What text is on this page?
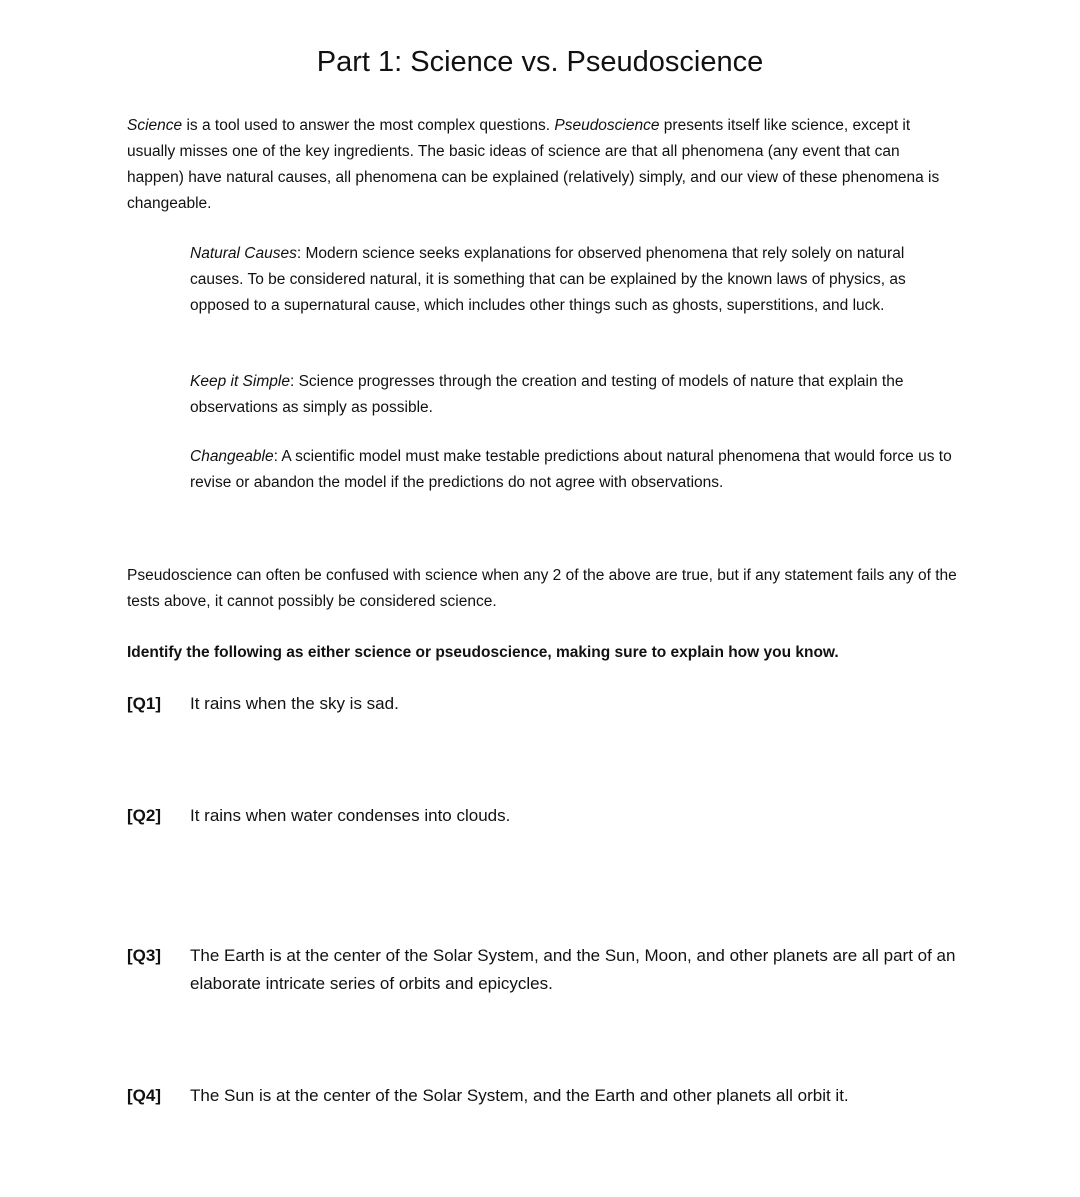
Part 1: Science vs. Pseudoscience

Science is a tool used to answer the most complex questions. Pseudoscience presents itself like science, except it usually misses one of the key ingredients. The basic ideas of science are that all phenomena (any event that can happen) have natural causes, all phenomena can be explained (relatively) simply, and our view of these phenomena is changeable.

Natural Causes: Modern science seeks explanations for observed phenomena that rely solely on natural causes. To be considered natural, it is something that can be explained by the known laws of physics, as opposed to a supernatural cause, which includes other things such as ghosts, superstitions, and luck.

Keep it Simple: Science progresses through the creation and testing of models of nature that explain the observations as simply as possible.

Changeable: A scientific model must make testable predictions about natural phenomena that would force us to revise or abandon the model if the predictions do not agree with observations.

Pseudoscience can often be confused with science when any 2 of the above are true, but if any statement fails any of the tests above, it cannot possibly be considered science.

Identify the following as either science or pseudoscience, making sure to explain how you know.

[Q1] It rains when the sky is sad.
[Q2] It rains when water condenses into clouds.
[Q3] The Earth is at the center of the Solar System, and the Sun, Moon, and other planets are all part of an elaborate intricate series of orbits and epicycles.
[Q4] The Sun is at the center of the Solar System, and the Earth and other planets all orbit it.
